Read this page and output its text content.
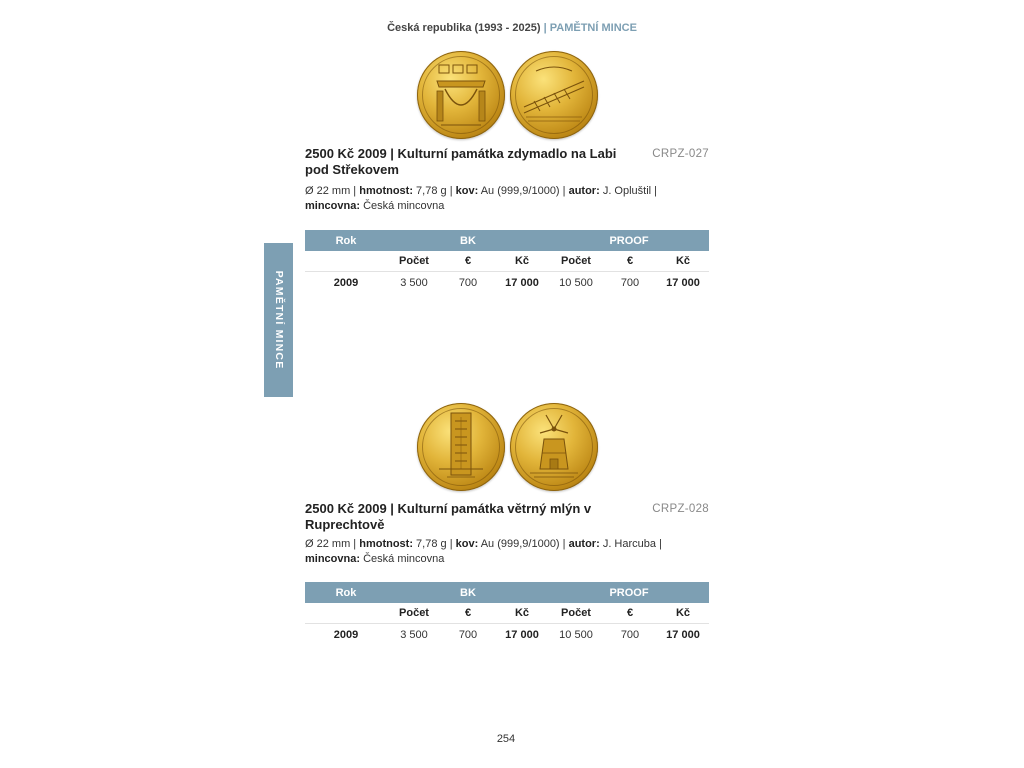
Česká republika (1993 - 2025) | PAMĚTNÍ MINCE
PAMĚTNÍ MINCE
2500 Kč 2009 | Kulturní památka zdymadlo na Labi pod Střekovem
CRPZ-027
Ø 22 mm | hmotnost: 7,78 g | kov: Au (999,9/1000) | autor: J. Opluštil |
mincovna: Česká mincovna
Rok	BK			PROOF		
	Počet	€	Kč	Počet	€	Kč
2009	3 500	700	17 000	10 500	700	17 000
2500 Kč 2009 | Kulturní památka větrný mlýn v Ruprechtově
CRPZ-028
Ø 22 mm | hmotnost: 7,78 g | kov: Au (999,9/1000) | autor: J. Harcuba |
mincovna: Česká mincovna
Rok	BK			PROOF		
	Počet	€	Kč	Počet	€	Kč
2009	3 500	700	17 000	10 500	700	17 000
254
